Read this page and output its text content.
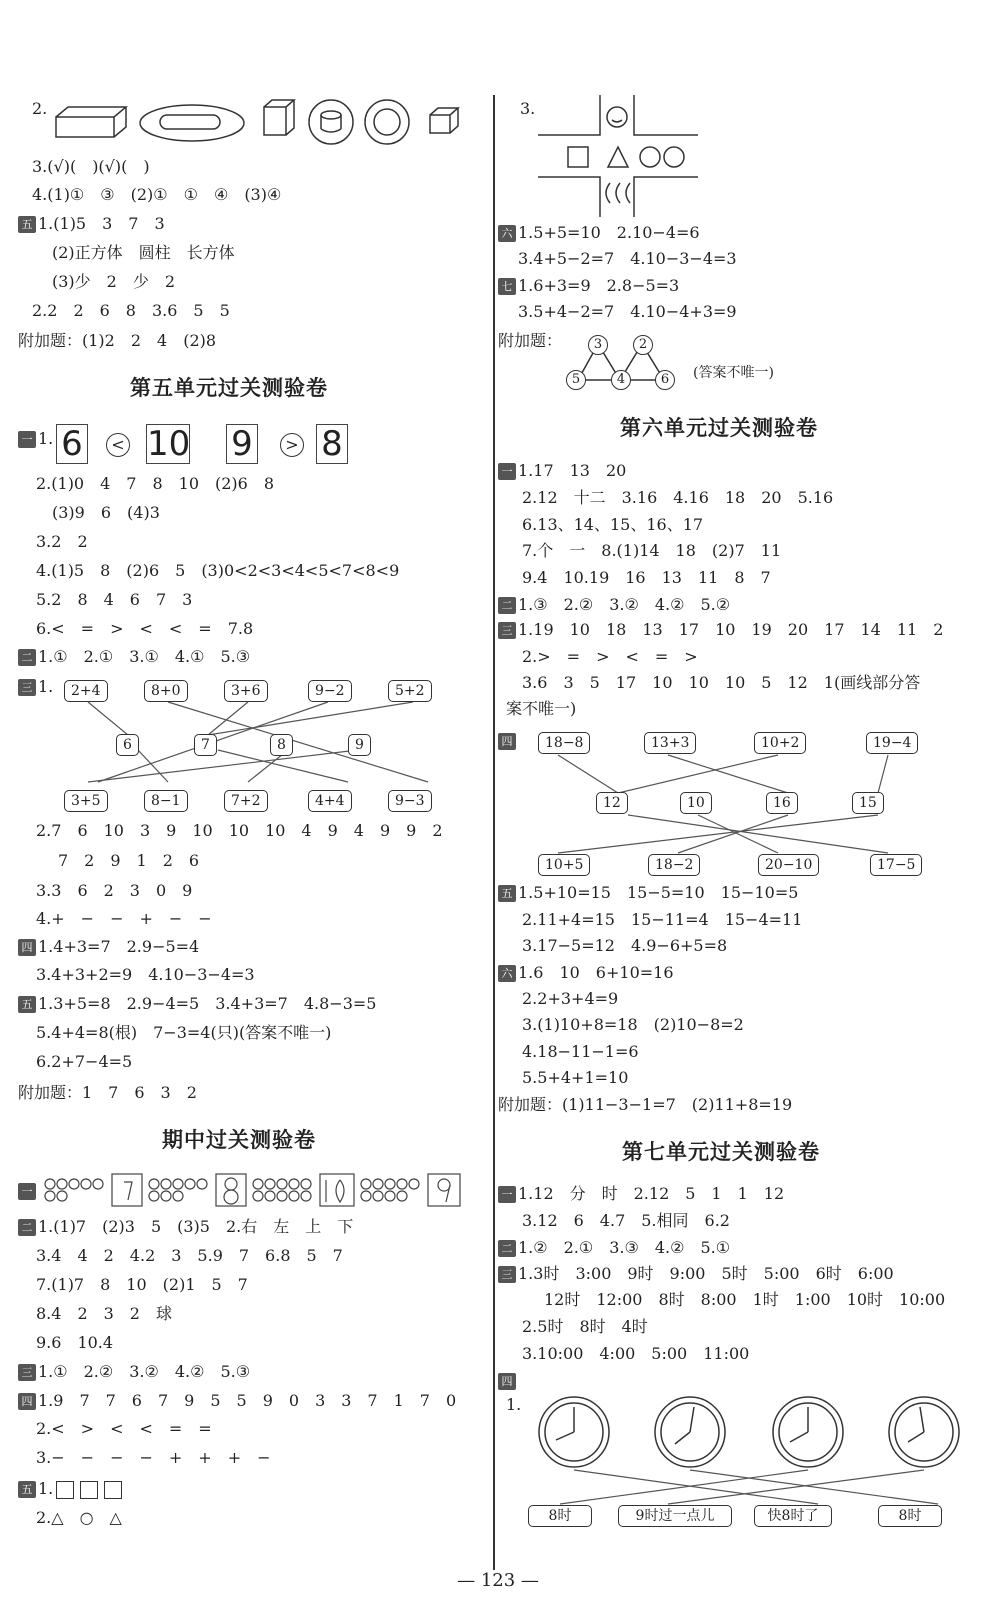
2.
3.(√)(　)(√)(　)
4.(1)①　③　(2)①　①　④　(3)④
五 1.(1)5　3　7　3
(2)正方体　圆柱　长方体
(3)少　2　少　2
2.2　2　6　8　3.6　5　5
附加题：(1)2　2　4　(2)8
第五单元过关测验卷
一 1. 6	< 10 9	> 8
2.(1)0　4　7　8　10　(2)6　8
(3)9　6　(4)3
3.2　2
4.(1)5　8　(2)6　5　(3)0<2<3<4<5<7<8<9
5.2　8　4　6　7　3
6.<　=　>　<　<　=　7.8
二 1.①　2.①　3.①　4.①　5.③
三 1.	2+4	8+0	3+6	9−2	5+2
6	7	8	9
3+5	8−1	7+2	4+4	9−3
2.7　6　10　3　9　10　10　10　4　9　4　9　9　2
7　2　9　1　2　6
3.3　6　2　3　0　9
4.+　−　−　+　−　−
四 1.4+3=7　2.9−5=4
3.4+3+2=9　4.10−3−4=3
五 1.3+5=8　2.9−4=5　3.4+3=7　4.8−3=5
5.4+4=8(根)　7−3=4(只)(答案不唯一)
6.2+7−4=5
附加题：1　7　6　3　2
期中过关测验卷
一
二 1.(1)7　(2)3　5　(3)5　2.右　左　上　下
3.4　4　2　4.2　3　5.9　7　6.8　5　7
7.(1)7　8　10　(2)1　5　7
8.4　2　3　2　球
9.6　10.4
三 1.①　2.②　3.②　4.②　5.③
四 1.9　7　7　6　7　9　5　5　9　0　3　3　7　1　7　0
2.<　>　<　<　=　=
3.−　−　−　−　+　+　+　−
五 1.
2.△　○　△
3.
六 1.5+5=10　2.10−4=6
3.4+5−2=7　4.10−3−4=3
七 1.6+3=9　2.8−5=3
3.5+4−2=7　4.10−4+3=9
附加题：	3	2
5	4	6	(答案不唯一)
第六单元过关测验卷
一 1.17　13　20
2.12　十二　3.16　4.16　18　20　5.16
6.13、14、15、16、17
7.个　一　8.(1)14　18　(2)7　11
9.4　10.19　16　13　11　8　7
二 1.③　2.②　3.②　4.②　5.②
三 1.19　10　18　13　17　10　19　20　17　14　11　2
2.>　=　>　<　=　>
3.6　3　5　17　10　10　10　5　12　1(画线部分答
案不唯一)
四	18−8	13+3	10+2	19−4
12	10	16	15
10+5	18−2	20−10	17−5
五 1.5+10=15　15−5=10　15−10=5
2.11+4=15　15−11=4　15−4=11
3.17−5=12　4.9−6+5=8
六 1.6　10　6+10=16
2.2+3+4=9
3.(1)10+8=18　(2)10−8=2
4.18−11−1=6
5.5+4+1=10
附加题：(1)11−3−1=7　(2)11+8=19
第七单元过关测验卷
一 1.12　分　时　2.12　5　1　1　12
3.12　6　4.7　5.相同　6.2
二 1.②　2.①　3.③　4.②　5.①
三 1.3时　3:00　9时　9:00　5时　5:00　6时　6:00
12时　12:00　8时　8:00　1时　1:00　10时　10:00
2.5时　8时　4时
3.10:00　4:00　5:00　11:00
四
1.
8时	9时过一点儿	快8时了	8时
— 123 —
